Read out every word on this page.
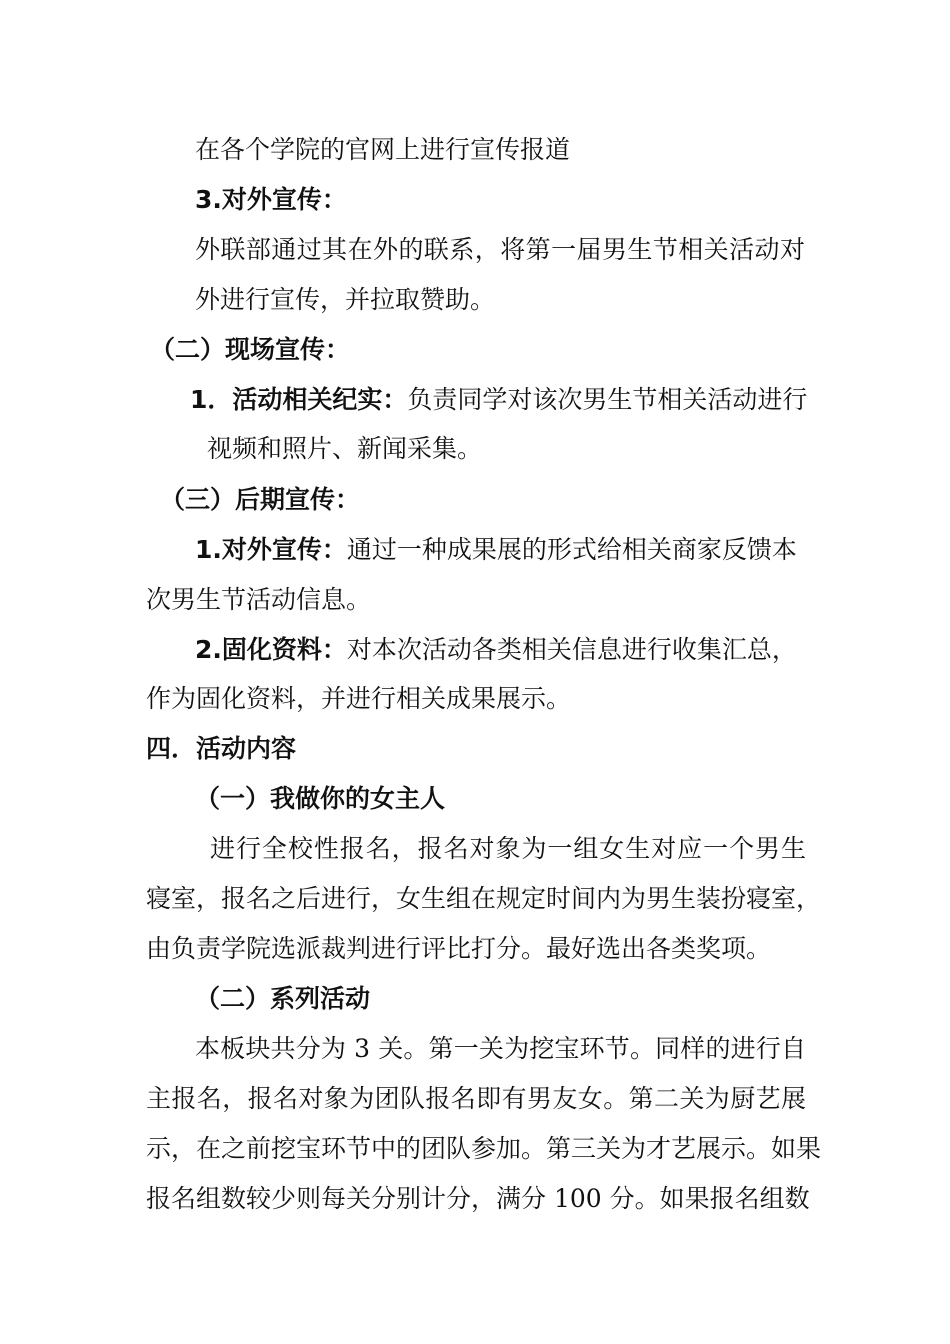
在各个学院的官网上进行宣传报道
3.对外宣传：
外联部通过其在外的联系，将第一届男生节相关活动对
外进行宣传，并拉取赞助。
（二）现场宣传：
1．活动相关纪实：负责同学对该次男生节相关活动进行
视频和照片、新闻采集。
（三）后期宣传：
1.对外宣传：通过一种成果展的形式给相关商家反馈本
次男生节活动信息。
2.固化资料：对本次活动各类相关信息进行收集汇总，
作为固化资料，并进行相关成果展示。
四．活动内容
（一）我做你的女主人
进行全校性报名，报名对象为一组女生对应一个男生
寝室，报名之后进行，女生组在规定时间内为男生装扮寝室，
由负责学院选派裁判进行评比打分。最好选出各类奖项。
（二）系列活动
本板块共分为 3 关。第一关为挖宝环节。同样的进行自
主报名，报名对象为团队报名即有男友女。第二关为厨艺展
示，在之前挖宝环节中的团队参加。第三关为才艺展示。如果
报名组数较少则每关分别计分，满分 100 分。如果报名组数
